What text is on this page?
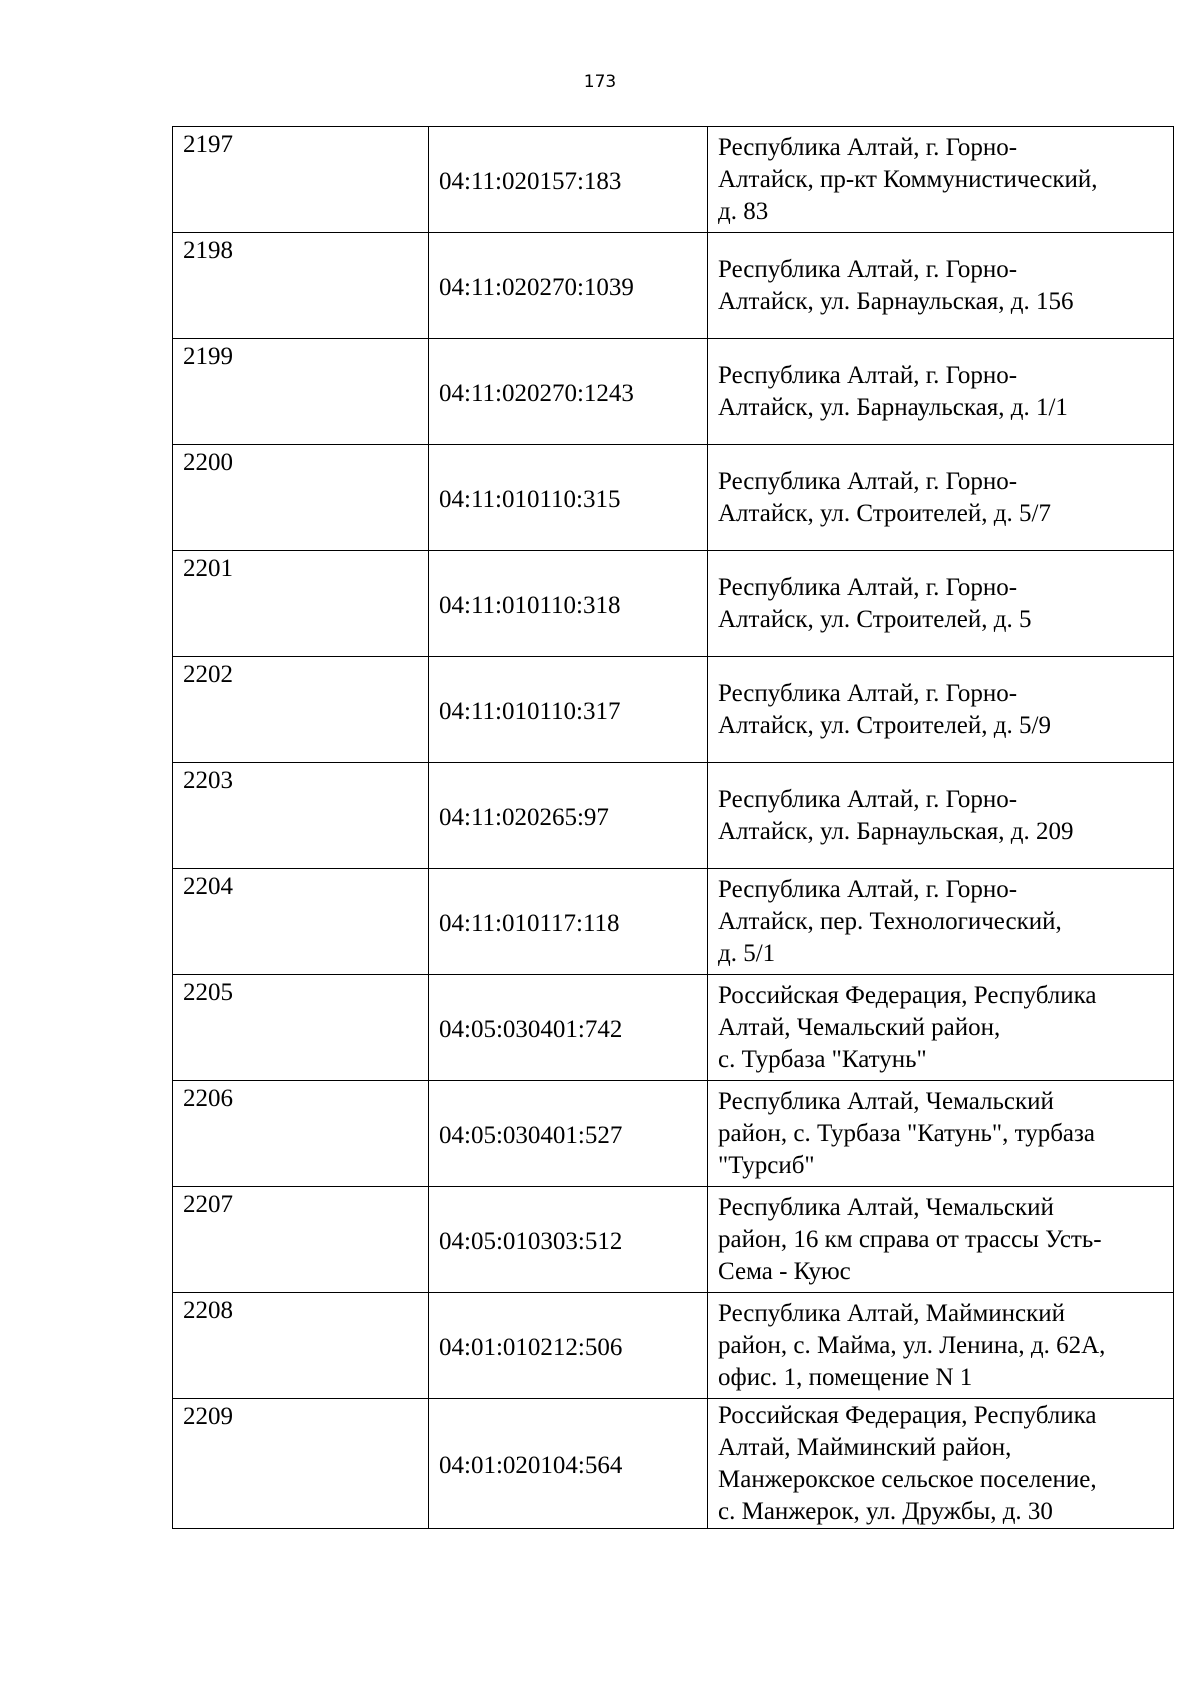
173
2197	04:11:020157:183	Республика Алтай, г. Горно-
Алтайск, пр-кт Коммунистический,
д. 83

2198	04:11:020270:1039	Республика Алтай, г. Горно-
Алтайск, ул. Барнаульская, д. 156

2199	04:11:020270:1243	Республика Алтай, г. Горно-
Алтайск, ул. Барнаульская, д. 1/1

2200	04:11:010110:315	Республика Алтай, г. Горно-
Алтайск, ул. Строителей, д. 5/7

2201	04:11:010110:318	Республика Алтай, г. Горно-
Алтайск, ул. Строителей, д. 5

2202	04:11:010110:317	Республика Алтай, г. Горно-
Алтайск, ул. Строителей, д. 5/9

2203	04:11:020265:97	Республика Алтай, г. Горно-
Алтайск, ул. Барнаульская, д. 209

2204	04:11:010117:118	Республика Алтай, г. Горно-
Алтайск, пер. Технологический,
д. 5/1

2205	04:05:030401:742	Российская Федерация, Республика
Алтай, Чемальский район,
с. Турбаза "Катунь"

2206	04:05:030401:527	Республика Алтай, Чемальский
район, с. Турбаза "Катунь", турбаза
"Турсиб"

2207	04:05:010303:512	Республика Алтай, Чемальский
район, 16 км справа от трассы Усть-
Сема - Куюс

2208	04:01:010212:506	Республика Алтай, Майминский
район, с. Майма, ул. Ленина, д. 62А,
офис. 1, помещение N 1

2209	04:01:020104:564	Российская Федерация, Республика
Алтай, Майминский район,
Манжерокское сельское поселение,
с. Манжерок, ул. Дружбы, д. 30
